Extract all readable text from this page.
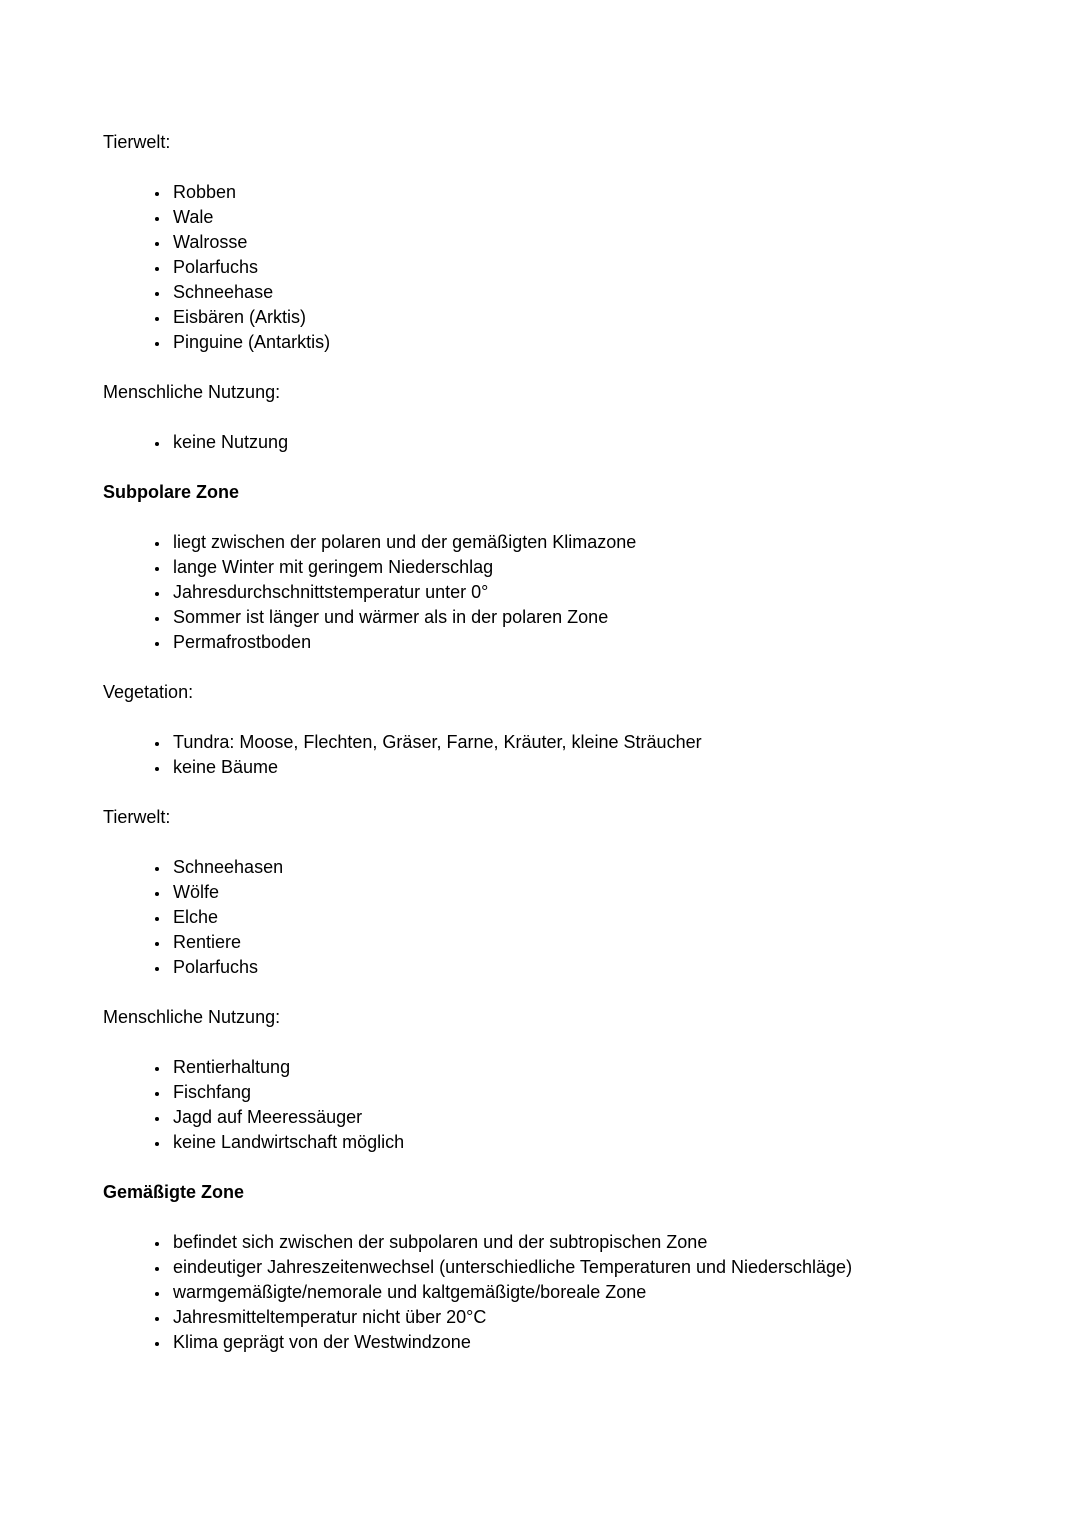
Tierwelt:

• Robben
• Wale
• Walrosse
• Polarfuchs
• Schneehase
• Eisbären (Arktis)
• Pinguine (Antarktis)

Menschliche Nutzung:

• keine Nutzung

Subpolare Zone

• liegt zwischen der polaren und der gemäßigten Klimazone
• lange Winter mit geringem Niederschlag
• Jahresdurchschnittstemperatur unter 0°
• Sommer ist länger und wärmer als in der polaren Zone
• Permafrostboden

Vegetation:

• Tundra: Moose, Flechten, Gräser, Farne, Kräuter, kleine Sträucher
• keine Bäume

Tierwelt:

• Schneehasen
• Wölfe
• Elche
• Rentiere
• Polarfuchs

Menschliche Nutzung:

• Rentierhaltung
• Fischfang
• Jagd auf Meeressäuger
• keine Landwirtschaft möglich

Gemäßigte Zone

• befindet sich zwischen der subpolaren und der subtropischen Zone
• eindeutiger Jahreszeitenwechsel (unterschiedliche Temperaturen und Niederschläge)
• warmgemäßigte/nemorale und kaltgemäßigte/boreale Zone
• Jahresmitteltemperatur nicht über 20°C
• Klima geprägt von der Westwindzone
